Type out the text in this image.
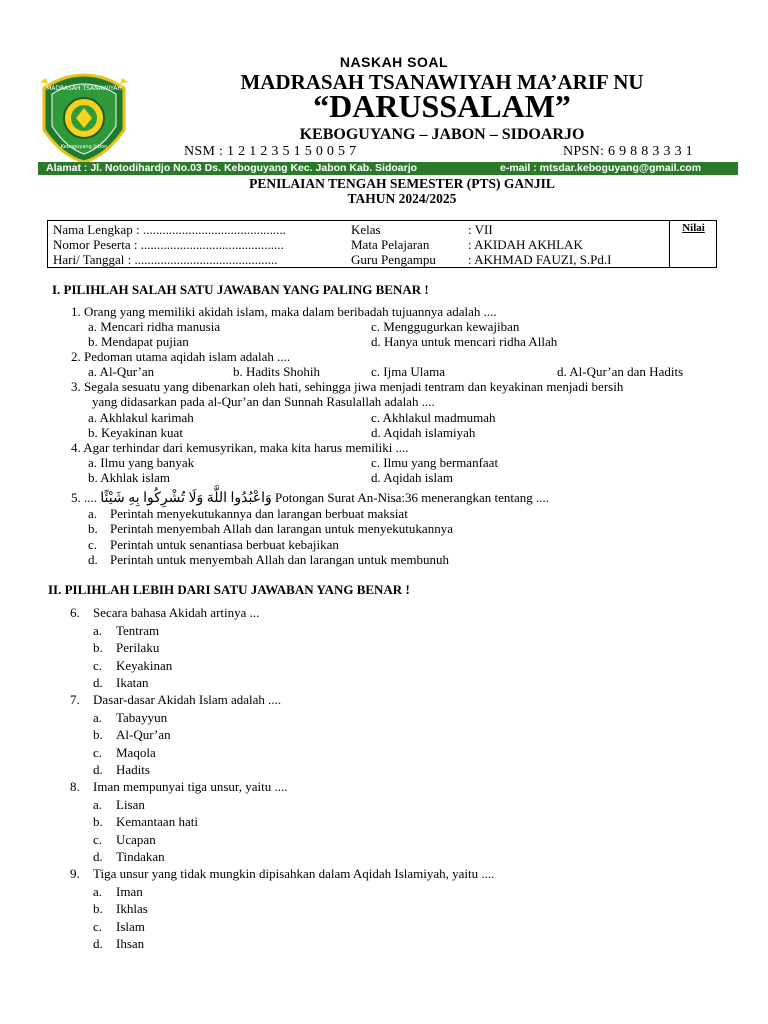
MADRASAH TSANAWIYAH
Keboguyang Jabon
NASKAH SOAL
MADRASAH TSANAWIYAH MA’ARIF NU
“DARUSSALAM”
KEBOGUYANG – JABON – SIDOARJO
NSM : 1 2 1 2 3 5 1 5 0 0 5 7	NPSN: 6 9 8 8 3 3 3 1
Alamat : Jl. Notodihardjo No.03 Ds. Keboguyang Kec. Jabon Kab. Sidoarjo	e-mail : mtsdar.keboguyang@gmail.com
PENILAIAN TENGAH SEMESTER (PTS) GANJIL
TAHUN 2024/2025
Nama Lengkap : ............................................
Nomor Peserta : ............................................
Hari/ Tanggal : ............................................
Kelas	: VII
Mata Pelajaran	: AKIDAH AKHLAK
Guru Pengampu : AKHMAD FAUZI, S.Pd.I
Nilai
I. PILIHLAH SALAH SATU JAWABAN YANG PALING BENAR !
1. Orang yang memiliki akidah islam, maka dalam beribadah tujuannya adalah ....
a. Mencari ridha manusia	c. Menggugurkan kewajiban
b. Mendapat pujian	d. Hanya untuk mencari ridha Allah
2. Pedoman utama aqidah islam adalah ....
a. Al-Qur’an	b. Hadits Shohih	c. Ijma Ulama	d. Al-Qur’an dan Hadits
3. Segala sesuatu yang dibenarkan oleh hati, sehingga jiwa menjadi tentram dan keyakinan menjadi bersih
yang didasarkan pada al-Qur’an dan Sunnah Rasulallah adalah ....
a. Akhlakul karimah	c. Akhlakul madmumah
b. Keyakinan kuat	d. Aqidah islamiyah
4. Agar terhindar dari kemusyrikan, maka kita harus memiliki ....
a. Ilmu yang banyak	c. Ilmu yang bermanfaat
b. Akhlak islam	d. Aqidah islam
5. .... وَاعْبُدُوا اللَّهَ وَلَا تُشْرِكُوا بِهِ شَيْئًا Potongan Surat An-Nisa:36 menerangkan tentang ....
a. Perintah menyekutukannya dan larangan berbuat maksiat
b. Perintah menyembah Allah dan larangan untuk menyekutukannya
c. Perintah untuk senantiasa berbuat kebajikan
d. Perintah untuk menyembah Allah dan larangan untuk membunuh
II. PILIHLAH LEBIH DARI SATU JAWABAN YANG BENAR !
6. Secara bahasa Akidah artinya ...
a. Tentram
b. Perilaku
c. Keyakinan
d. Ikatan
7. Dasar-dasar Akidah Islam adalah ....
a. Tabayyun
b. Al-Qur’an
c. Maqola
d. Hadits
8. Iman mempunyai tiga unsur, yaitu ....
a. Lisan
b. Kemantaan hati
c. Ucapan
d. Tindakan
9. Tiga unsur yang tidak mungkin dipisahkan dalam Aqidah Islamiyah, yaitu ....
a. Iman
b. Ikhlas
c. Islam
d. Ihsan
